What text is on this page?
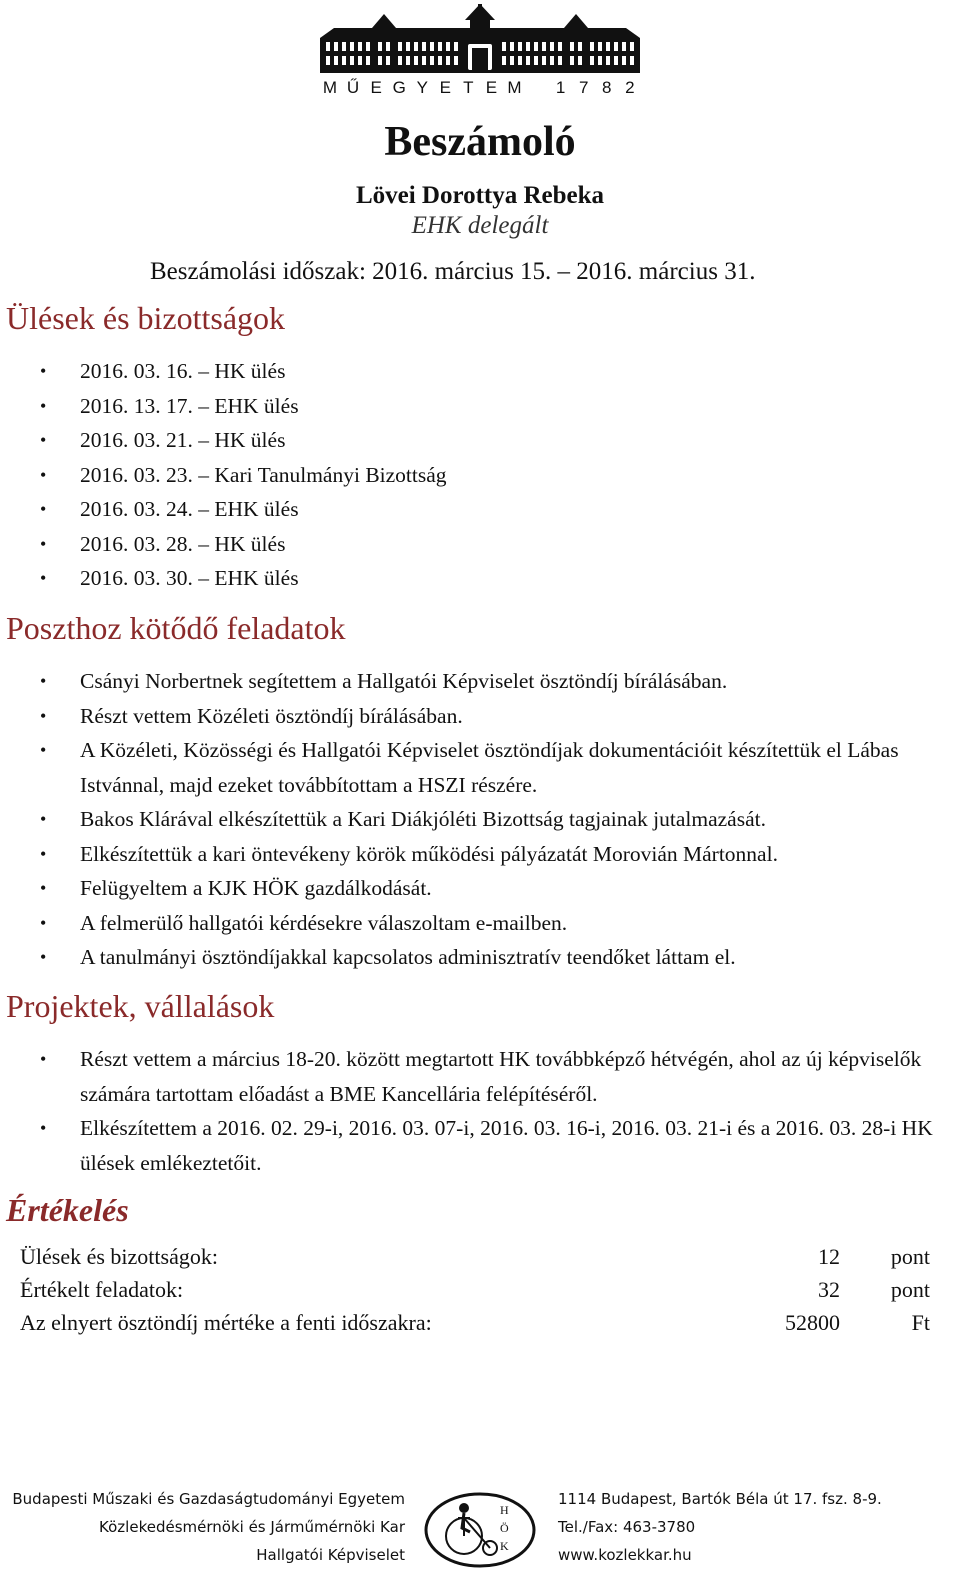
M Ű E G Y E T E M	1 7 8 2
Beszámoló
Lövei Dorottya Rebeka
EHK delegált
Beszámolási időszak: 2016. március 15. – 2016. március 31.
Ülések és bizottságok
• 2016. 03. 16. – HK ülés
• 2016. 13. 17. – EHK ülés
• 2016. 03. 21. – HK ülés
• 2016. 03. 23. – Kari Tanulmányi Bizottság
• 2016. 03. 24. – EHK ülés
• 2016. 03. 28. – HK ülés
• 2016. 03. 30. – EHK ülés
Poszthoz kötődő feladatok
• Csányi Norbertnek segítettem a Hallgatói Képviselet ösztöndíj bírálásában.
• Részt vettem Közéleti ösztöndíj bírálásában.
• A Közéleti, Közösségi és Hallgatói Képviselet ösztöndíjak dokumentációit készítettük el Lábas Istvánnal, majd ezeket továbbítottam a HSZI részére.
• Bakos Klárával elkészítettük a Kari Diákjóléti Bizottság tagjainak jutalmazását.
• Elkészítettük a kari öntevékeny körök működési pályázatát Morovián Mártonnal.
• Felügyeltem a KJK HÖK gazdálkodását.
• A felmerülő hallgatói kérdésekre válaszoltam e-mailben.
• A tanulmányi ösztöndíjakkal kapcsolatos adminisztratív teendőket láttam el.
Projektek, vállalások
• Részt vettem a március 18-20. között megtartott HK továbbképző hétvégén, ahol az új képviselők számára tartottam előadást a BME Kancellária felépítéséről.
• Elkészítettem a 2016. 02. 29-i, 2016. 03. 07-i, 2016. 03. 16-i, 2016. 03. 21-i és a 2016. 03. 28-i HK ülések emlékeztetőit.
Értékelés
Ülések és bizottságok:	12 pont
Értékelt feladatok:	32 pont
Az elnyert ösztöndíj mértéke a fenti időszakra:	52800	Ft
Budapesti Műszaki és Gazdaságtudományi Egyetem
Közlekedésmérnöki és Járműmérnöki Kar
Hallgatói Képviselet
H
Ö
K
1114 Budapest, Bartók Béla út 17. fsz. 8-9.
Tel./Fax: 463-3780
www.kozlekkar.hu
